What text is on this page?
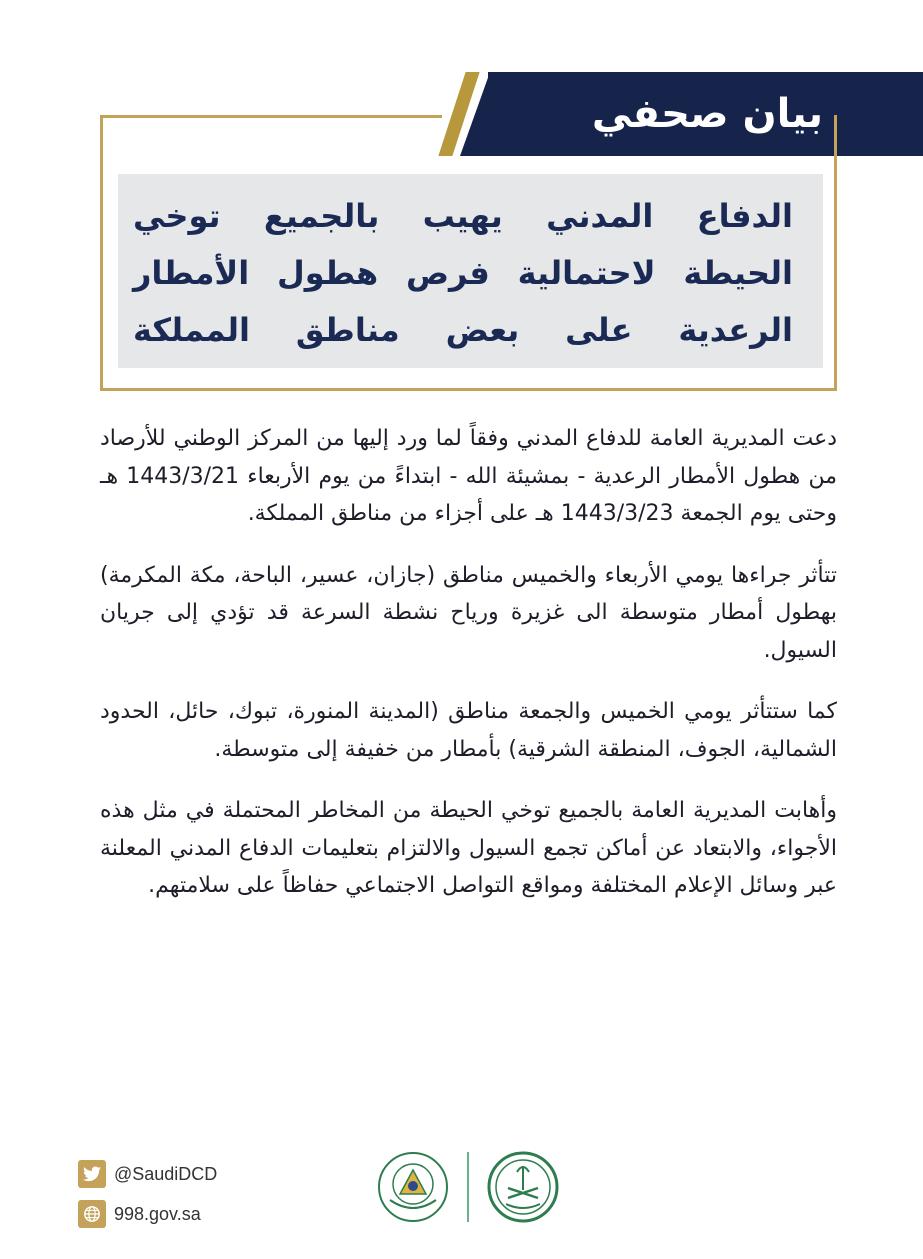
بيان صحفي
الدفاع المدني يهيب بالجميع توخي
الحيطة لاحتمالية فرص هطول الأمطار
الرعدية على بعض مناطق المملكة

دعت المديرية العامة للدفاع المدني وفقاً لما ورد إليها من المركز الوطني للأرصاد من هطول الأمطار الرعدية - بمشيئة الله - ابتداءً من يوم الأربعاء 1443/3/21 هـ وحتى يوم الجمعة 1443/3/23 هـ على أجزاء من مناطق المملكة.

تتأثر جراءها يومي الأربعاء والخميس مناطق (جازان، عسير، الباحة، مكة المكرمة) بهطول أمطار متوسطة الى غزيرة ورياح نشطة السرعة قد تؤدي إلى جريان السيول.

كما ستتأثر يومي الخميس والجمعة مناطق (المدينة المنورة، تبوك، حائل، الحدود الشمالية، الجوف، المنطقة الشرقية) بأمطار من خفيفة إلى متوسطة.

وأهابت المديرية العامة بالجميع توخي الحيطة من المخاطر المحتملة في مثل هذه الأجواء، والابتعاد عن أماكن تجمع السيول والالتزام بتعليمات الدفاع المدني المعلنة عبر وسائل الإعلام المختلفة ومواقع التواصل الاجتماعي حفاظاً على سلامتهم.

@SaudiDCD
998.gov.sa
